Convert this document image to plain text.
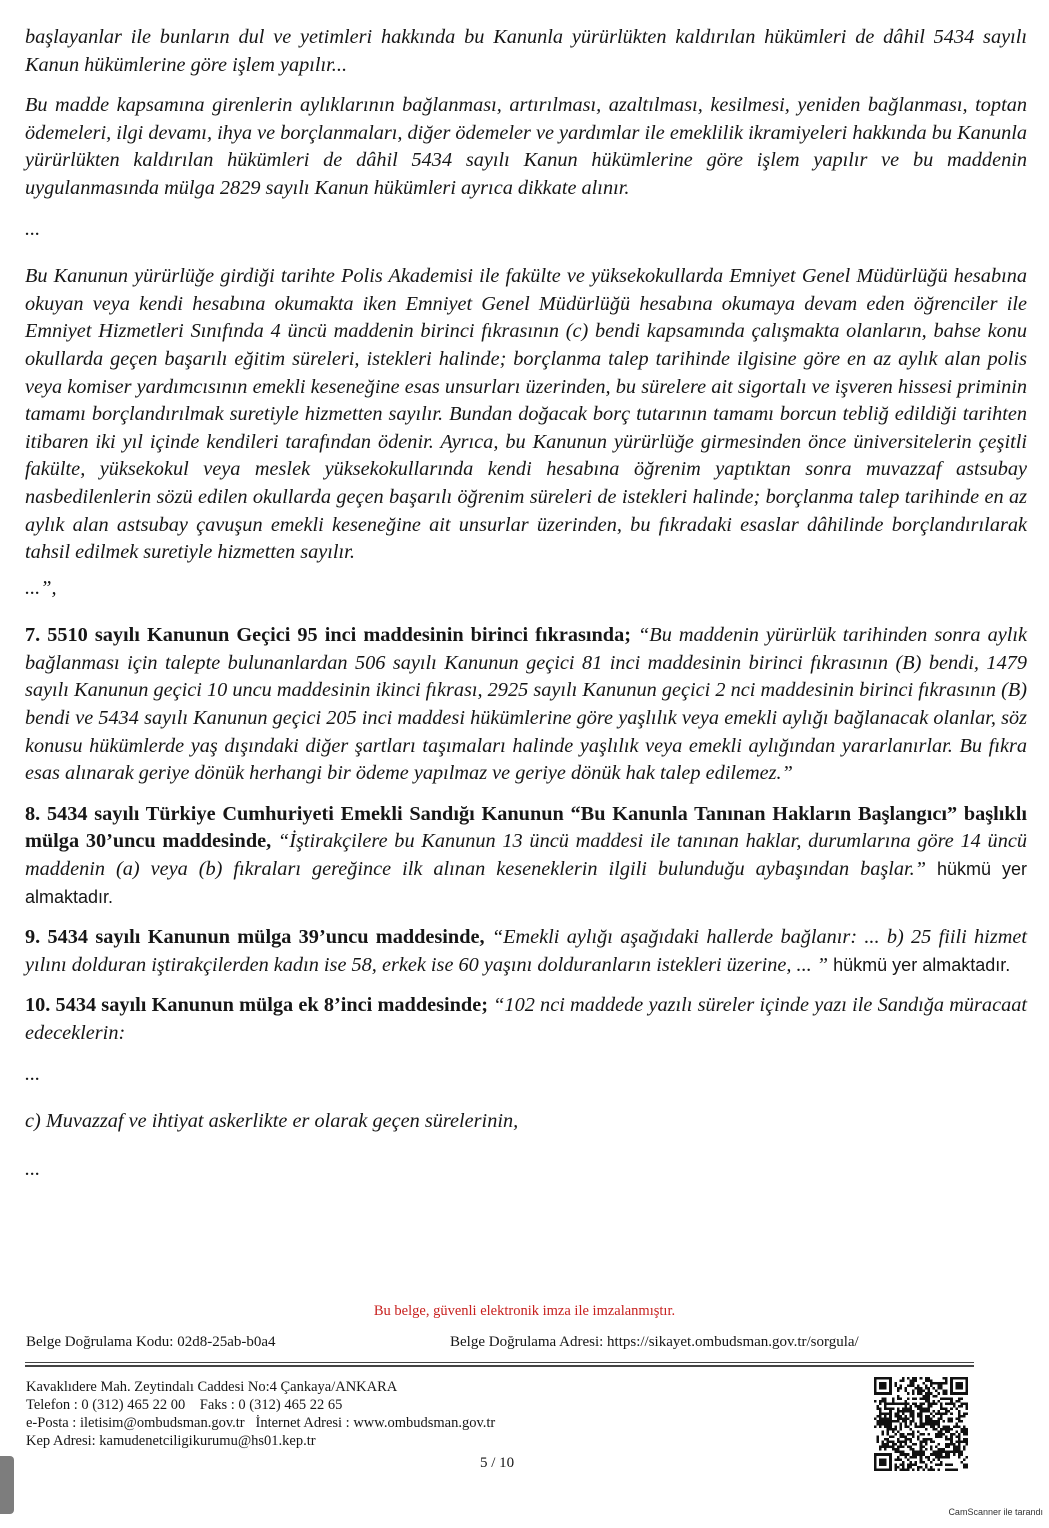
başlayanlar ile bunların dul ve yetimleri hakkında bu Kanunla yürürlükten kaldırılan hükümleri de dâhil 5434 sayılı Kanun hükümlerine göre işlem yapılır...

Bu madde kapsamına girenlerin aylıklarının bağlanması, artırılması, azaltılması, kesilmesi, yeniden bağlanması, toptan ödemeleri, ilgi devamı, ihya ve borçlanmaları, diğer ödemeler ve yardımlar ile emeklilik ikramiyeleri hakkında bu Kanunla yürürlükten kaldırılan hükümleri de dâhil 5434 sayılı Kanun hükümlerine göre işlem yapılır ve bu maddenin uygulanmasında mülga 2829 sayılı Kanun hükümleri ayrıca dikkate alınır.

...

Bu Kanunun yürürlüğe girdiği tarihte Polis Akademisi ile fakülte ve yüksekokullarda Emniyet Genel Müdürlüğü hesabına okuyan veya kendi hesabına okumakta iken Emniyet Genel Müdürlüğü hesabına okumaya devam eden öğrenciler ile Emniyet Hizmetleri Sınıfında 4 üncü maddenin birinci fıkrasının (c) bendi kapsamında çalışmakta olanların, bahse konu okullarda geçen başarılı eğitim süreleri, istekleri halinde; borçlanma talep tarihinde ilgisine göre en az aylık alan polis veya komiser yardımcısının emekli keseneğine esas unsurları üzerinden, bu sürelere ait sigortalı ve işveren hissesi priminin tamamı borçlandırılmak suretiyle hizmetten sayılır. Bundan doğacak borç tutarının tamamı borcun tebliğ edildiği tarihten itibaren iki yıl içinde kendileri tarafından ödenir. Ayrıca, bu Kanunun yürürlüğe girmesinden önce üniversitelerin çeşitli fakülte, yüksekokul veya meslek yüksekokullarında kendi hesabına öğrenim yaptıktan sonra muvazzaf astsubay nasbedilenlerin sözü edilen okullarda geçen başarılı öğrenim süreleri de istekleri halinde; borçlanma talep tarihinde en az aylık alan astsubay çavuşun emekli keseneğine ait unsurlar üzerinden, bu fıkradaki esaslar dâhilinde borçlandırılarak tahsil edilmek suretiyle hizmetten sayılır.

...”,

7. 5510 sayılı Kanunun Geçici 95 inci maddesinin birinci fıkrasında; “Bu maddenin yürürlük tarihinden sonra aylık bağlanması için talepte bulunanlardan 506 sayılı Kanunun geçici 81 inci maddesinin birinci fıkrasının (B) bendi, 1479 sayılı Kanunun geçici 10 uncu maddesinin ikinci fıkrası, 2925 sayılı Kanunun geçici 2 nci maddesinin birinci fıkrasının (B) bendi ve 5434 sayılı Kanunun geçici 205 inci maddesi hükümlerine göre yaşlılık veya emekli aylığı bağlanacak olanlar, söz konusu hükümlerde yaş dışındaki diğer şartları taşımaları halinde yaşlılık veya emekli aylığından yararlanırlar. Bu fıkra esas alınarak geriye dönük herhangi bir ödeme yapılmaz ve geriye dönük hak talep edilemez.”

8. 5434 sayılı Türkiye Cumhuriyeti Emekli Sandığı Kanunun “Bu Kanunla Tanınan Hakların Başlangıcı” başlıklı mülga 30’uncu maddesinde, “İştirakçilere bu Kanunun 13 üncü maddesi ile tanınan haklar, durumlarına göre 14 üncü maddenin (a) veya (b) fıkraları gereğince ilk alınan keseneklerin ilgili bulunduğu aybaşından başlar.” hükmü yer almaktadır.

9. 5434 sayılı Kanunun mülga 39’uncu maddesinde, “Emekli aylığı aşağıdaki hallerde bağlanır: ... b) 25 fiili hizmet yılını dolduran iştirakçilerden kadın ise 58, erkek ise 60 yaşını dolduranların istekleri üzerine, ... ” hükmü yer almaktadır.

10. 5434 sayılı Kanunun mülga ek 8’inci maddesinde; “102 nci maddede yazılı süreler içinde yazı ile Sandığa müracaat edeceklerin:

...

c) Muvazzaf ve ihtiyat askerlikte er olarak geçen sürelerinin,

...

Bu belge, güvenli elektronik imza ile imzalanmıştır.
Belge Doğrulama Kodu: 02d8-25ab-b0a4	Belge Doğrulama Adresi: https://sikayet.ombudsman.gov.tr/sorgula/
Kavaklıdere Mah. Zeytindalı Caddesi No:4 Çankaya/ANKARA
Telefon : 0 (312) 465 22 00    Faks : 0 (312) 465 22 65
e-Posta : iletisim@ombudsman.gov.tr   İnternet Adresi : www.ombudsman.gov.tr
Kep Adresi: kamudenetciligikurumu@hs01.kep.tr
5 / 10
CamScanner ile tarandı
